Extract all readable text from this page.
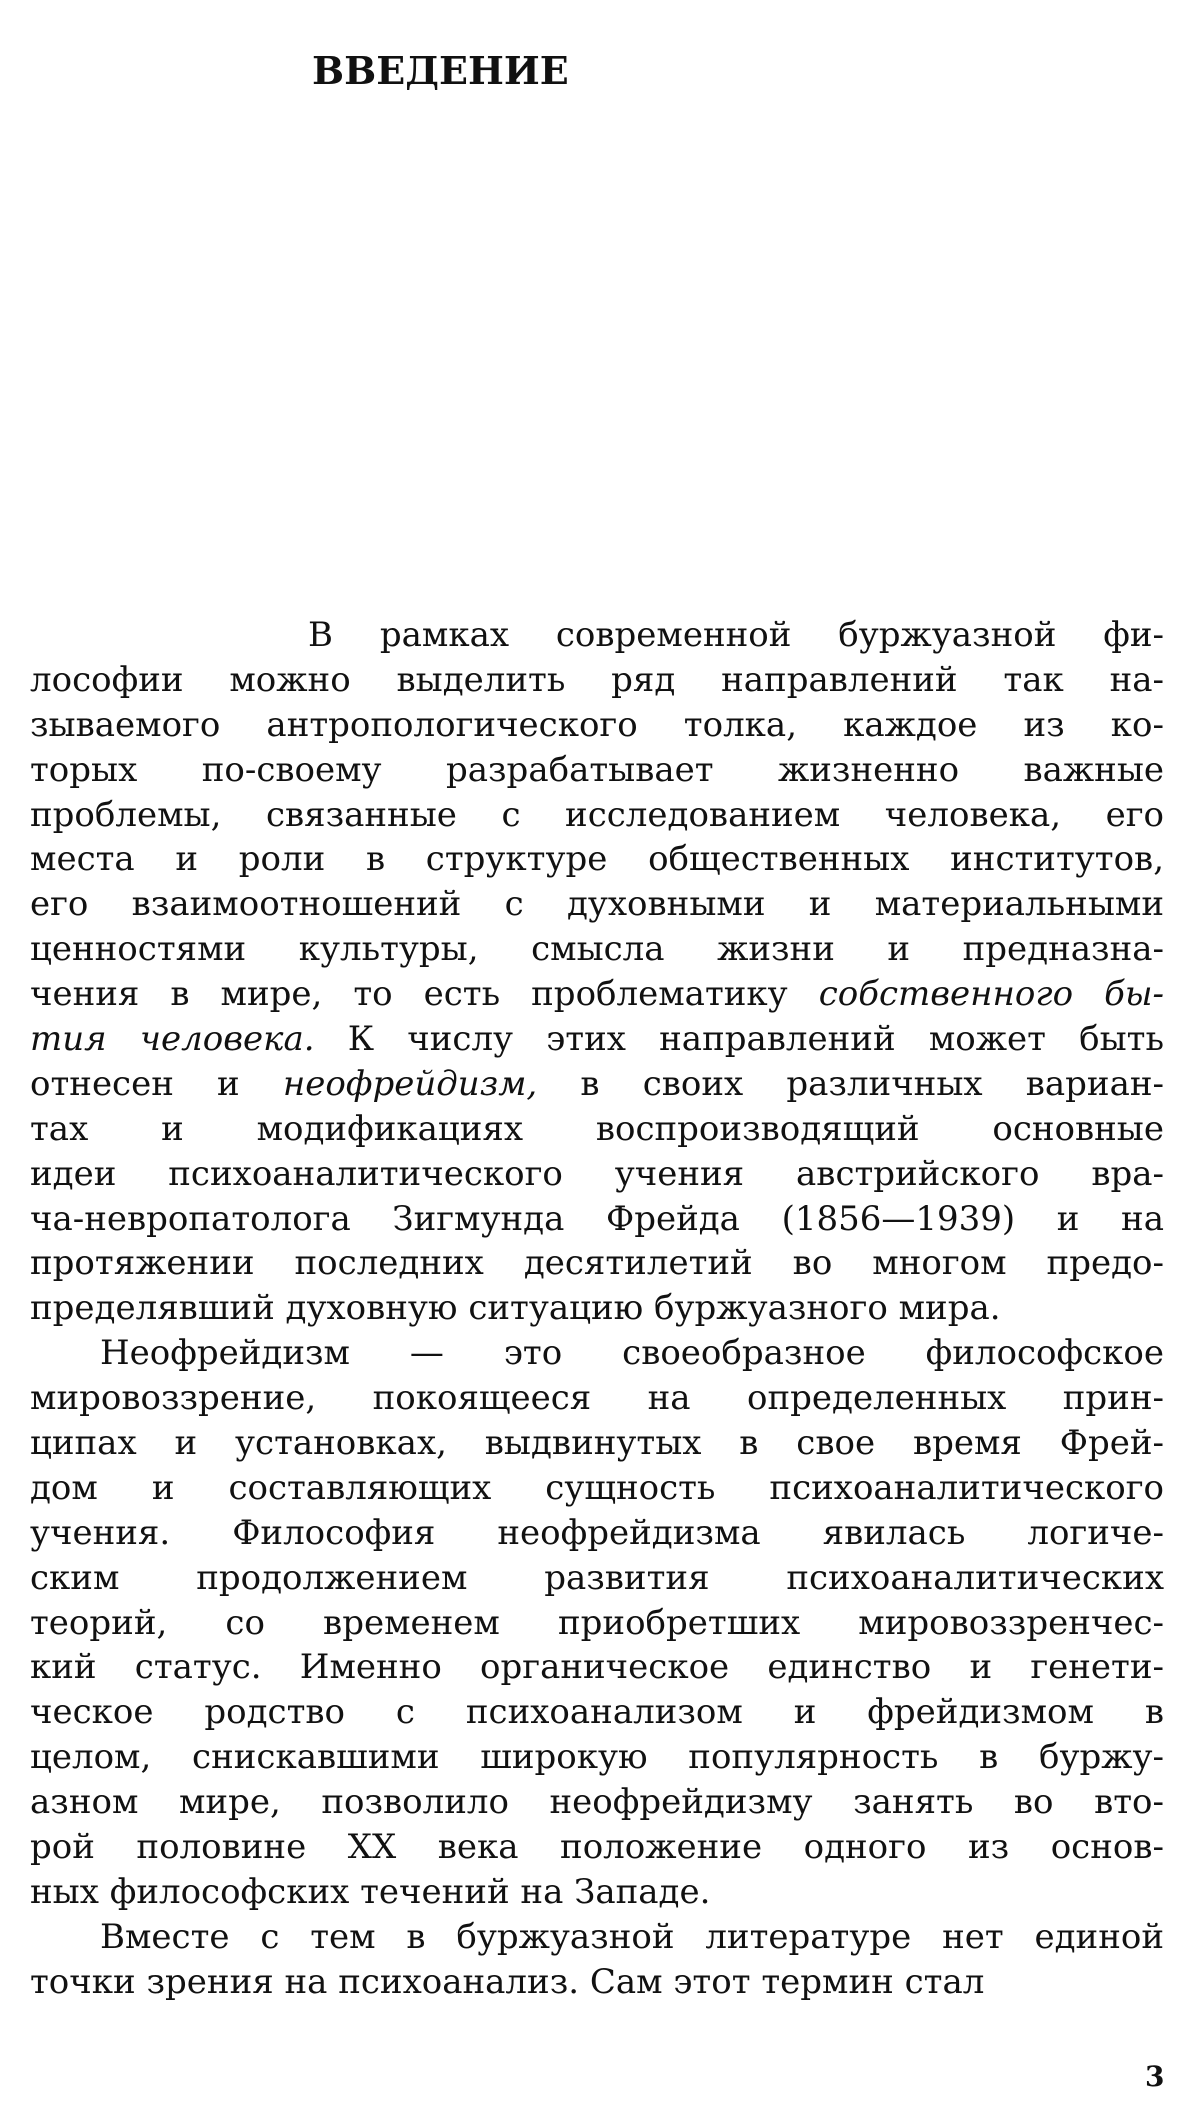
ВВЕДЕНИЕ

В рамках современной буржуазной фи-
лософии можно выделить ряд направлений так на-
зываемого антропологического толка, каждое из ко-
торых по-своему разрабатывает жизненно важные
проблемы, связанные с исследованием человека, его
места и роли в структуре общественных институтов,
его взаимоотношений с духовными и материальными
ценностями культуры, смысла жизни и предназна-
чения в мире, то есть проблематику собственного бы-
тия человека. К числу этих направлений может быть
отнесен и неофрейдизм, в своих различных вариан-
тах и модификациях воспроизводящий основные
идеи психоаналитического учения австрийского вра-
ча-невропатолога Зигмунда Фрейда (1856—1939) и на
протяжении последних десятилетий во многом предо-
пределявший духовную ситуацию буржуазного мира.

Неофрейдизм — это своеобразное философское
мировоззрение, покоящееся на определенных прин-
ципах и установках, выдвинутых в свое время Фрей-
дом и составляющих сущность психоаналитического
учения. Философия неофрейдизма явилась логиче-
ским продолжением развития психоаналитических
теорий, со временем приобретших мировоззренчес-
кий статус. Именно органическое единство и генети-
ческое родство с психоанализом и фрейдизмом в
целом, снискавшими широкую популярность в буржу-
азном мире, позволило неофрейдизму занять во вто-
рой половине XX века положение одного из основ-
ных философских течений на Западе.

Вместе с тем в буржуазной литературе нет единой
точки зрения на психоанализ. Сам этот термин стал

3
